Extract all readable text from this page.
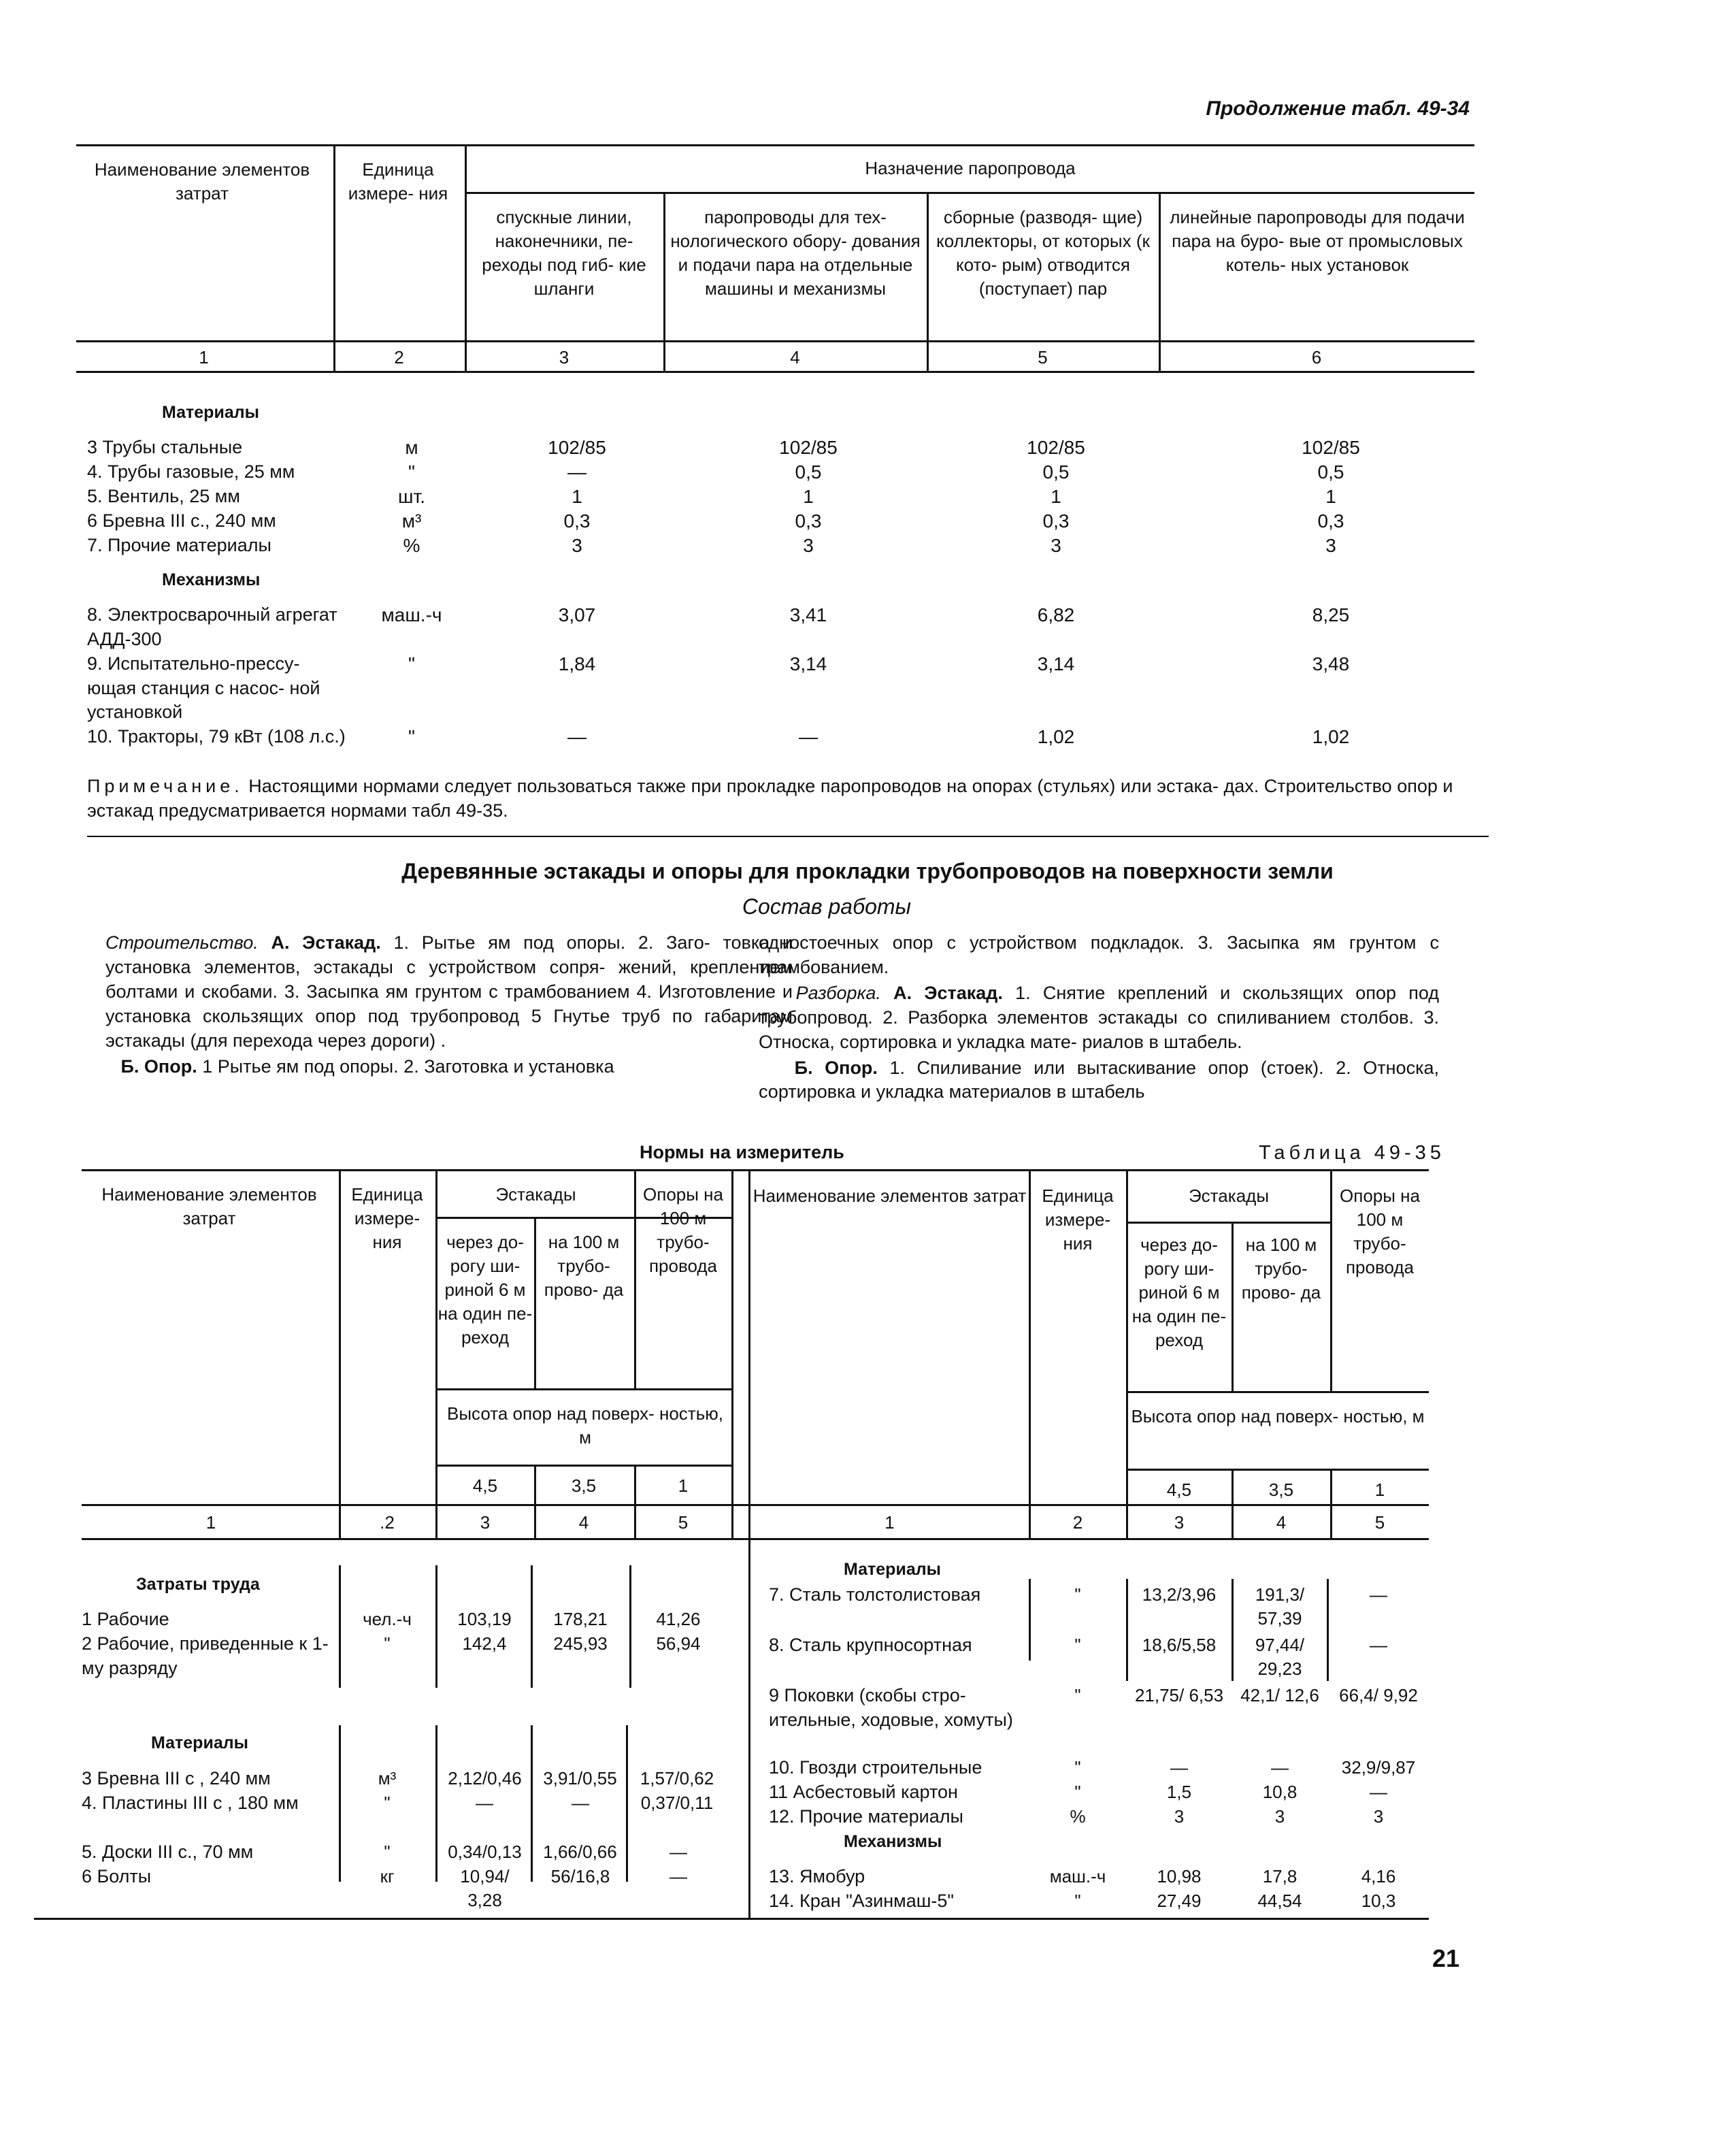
Продолжение табл. 49-34
Наименование элементов затрат
Единица измере- ния
Назначение паропровода
спускные линии, наконечники, пе- реходы под гиб- кие шланги
паропроводы для тех- нологического обору- дования и подачи пара на отдельные машины и механизмы
сборные (разводя- щие) коллекторы, от которых (к кото- рым) отводится (поступает) пар
линейные паропроводы для подачи пара на буро- вые от промысловых котель- ных установок
1	2	3	4	5	6
Материалы
3 Трубы стальные	м	102/85	102/85	102/85	102/85
4. Трубы газовые, 25 мм	"	—	0,5	0,5	0,5
5. Вентиль, 25 мм	шт.	1	1	1	1
6 Бревна III с., 240 мм	м³	0,3	0,3	0,3	0,3
7. Прочие материалы	%	3	3	3	3
Механизмы
8. Электросварочный агрегат АДД-300
маш.-ч	3,07	3,41	6,82	8,25
9. Испытательно-прессу- ющая станция с насос- ной установкой
"	1,84	3,14	3,14	3,48
10. Тракторы, 79 кВт (108 л.с.)	"	—	—	1,02	1,02
Примечание. Настоящими нормами следует пользоваться также при прокладке паропроводов на опорах (стульях) или эстака- дах. Строительство опор и эстакад предусматривается нормами табл 49-35.
Деревянные эстакады и опоры для прокладки трубопроводов на поверхности земли
Состав работы

Строительство. А. Эстакад. 1. Рытье ям под опоры. 2. Заго- товка и установка элементов, эстакады с устройством сопря- жений, креплением болтами и скобами. 3. Засыпка ям грунтом с трамбованием 4. Изготовление и установка скользящих опор под трубопровод 5 Гнутье труб по габаритам эстакады (для перехода через дороги) .

Б. Опор. 1 Рытье ям под опоры. 2. Заготовка и установка

одностоечных опор с устройством подкладок. 3. Засыпка ям грунтом с трамбованием.

Разборка. А. Эстакад. 1. Снятие креплений и скользящих опор под трубопровод. 2. Разборка элементов эстакады со спиливанием столбов. 3. Относка, сортировка и укладка мате- риалов в штабель.

Б. Опор. 1. Спиливание или вытаскивание опор (стоек). 2. Относка, сортировка и укладка материалов в штабель

Нормы на измеритель	Таблица 49-35
Наименование элементов затрат
Единица измере- ния
Эстакады	Опоры на 100 м трубо- провода
через до- рогу ши- риной 6 м на один пе- реход
на 100 м трубо- прово- да
Высота опор над поверх- ностью, м
4,5	3,5	1
1	.2	3	4	5
Наименование элементов затрат Единица измере- ния
Эстакады	Опоры на 100 м трубо- провода
через до- рогу ши- риной 6 м на один пе- реход
на 100 м трубо- прово- да
Высота опор над поверх- ностью, м
4,5	3,5	1
1	2	3	4	5
Затраты труда
1 Рабочие	чел.-ч	103,19	178,21	41,26
2 Рабочие, приведенные к 1-му разряду
"	142,4	245,93	56,94
Материалы
3 Бревна III с , 240 мм	м³	2,12/0,46	3,91/0,55	1,57/0,62
4. Пластины III с , 180 мм	"	—	—	0,37/0,11
5. Доски III с., 70 мм	"	0,34/0,13	1,66/0,66	—
6 Болты	кг	10,94/ 3,28
56/16,8	—
Материалы
7. Сталь толстолистовая	"	13,2/3,96	191,3/ 57,39
—
8. Сталь крупносортная	"	18,6/5,58	97,44/ 29,23
—
9 Поковки (скобы стро- ительные, ходовые, хомуты)
"	21,75/ 6,53 42,1/ 12,6	66,4/ 9,92
10. Гвозди строительные	"	—	—	32,9/9,87
11 Асбестовый картон	"	1,5	10,8	—
12. Прочие материалы	%	3	3	3
Механизмы
13. Ямобур	маш.-ч	10,98	17,8	4,16
14. Кран "Азинмаш-5"	"	27,49	44,54	10,3
21
